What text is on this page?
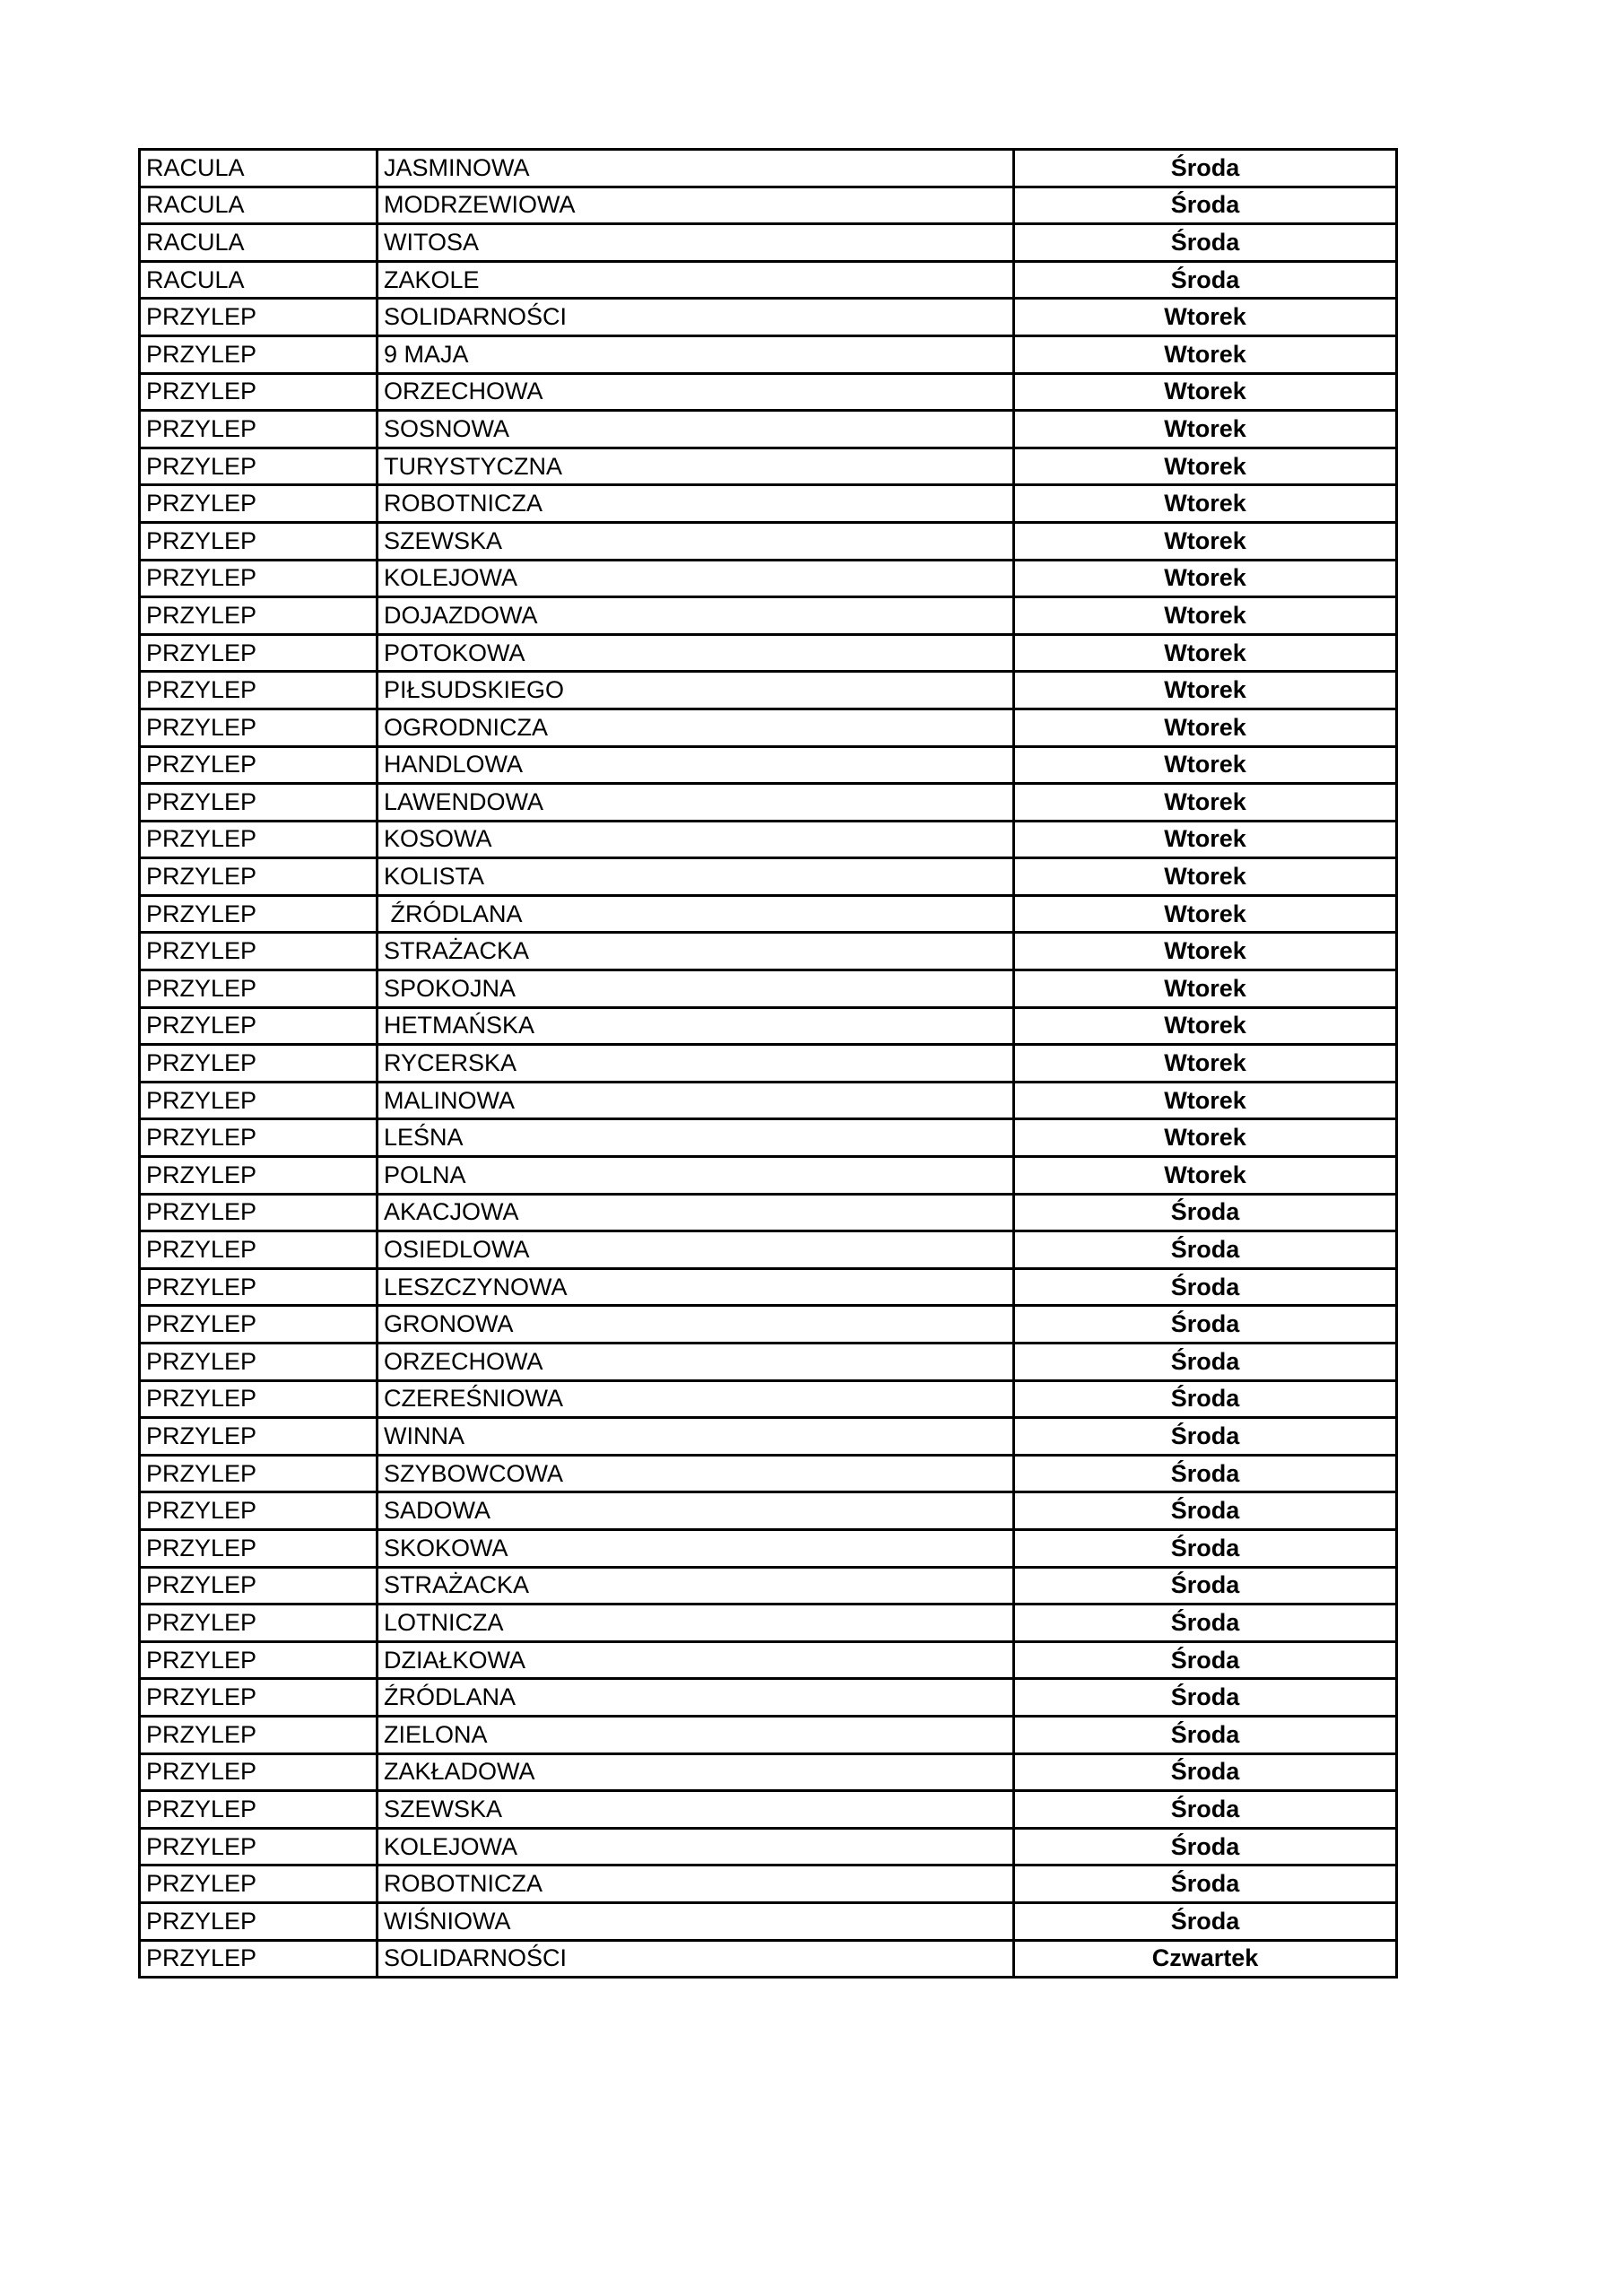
RACULA	JASMINOWA	Środa
RACULA	MODRZEWIOWA	Środa
RACULA	WITOSA	Środa
RACULA	ZAKOLE	Środa
PRZYLEP	SOLIDARNOŚCI	Wtorek
PRZYLEP	9 MAJA	Wtorek
PRZYLEP	ORZECHOWA	Wtorek
PRZYLEP	SOSNOWA	Wtorek
PRZYLEP	TURYSTYCZNA	Wtorek
PRZYLEP	ROBOTNICZA	Wtorek
PRZYLEP	SZEWSKA	Wtorek
PRZYLEP	KOLEJOWA	Wtorek
PRZYLEP	DOJAZDOWA	Wtorek
PRZYLEP	POTOKOWA	Wtorek
PRZYLEP	PIŁSUDSKIEGO	Wtorek
PRZYLEP	OGRODNICZA	Wtorek
PRZYLEP	HANDLOWA	Wtorek
PRZYLEP	LAWENDOWA	Wtorek
PRZYLEP	KOSOWA	Wtorek
PRZYLEP	KOLISTA	Wtorek
PRZYLEP	ŹRÓDLANA	Wtorek
PRZYLEP	STRAŻACKA	Wtorek
PRZYLEP	SPOKOJNA	Wtorek
PRZYLEP	HETMAŃSKA	Wtorek
PRZYLEP	RYCERSKA	Wtorek
PRZYLEP	MALINOWA	Wtorek
PRZYLEP	LEŚNA	Wtorek
PRZYLEP	POLNA	Wtorek
PRZYLEP	AKACJOWA	Środa
PRZYLEP	OSIEDLOWA	Środa
PRZYLEP	LESZCZYNOWA	Środa
PRZYLEP	GRONOWA	Środa
PRZYLEP	ORZECHOWA	Środa
PRZYLEP	CZEREŚNIOWA	Środa
PRZYLEP	WINNA	Środa
PRZYLEP	SZYBOWCOWA	Środa
PRZYLEP	SADOWA	Środa
PRZYLEP	SKOKOWA	Środa
PRZYLEP	STRAŻACKA	Środa
PRZYLEP	LOTNICZA	Środa
PRZYLEP	DZIAŁKOWA	Środa
PRZYLEP	ŹRÓDLANA	Środa
PRZYLEP	ZIELONA	Środa
PRZYLEP	ZAKŁADOWA	Środa
PRZYLEP	SZEWSKA	Środa
PRZYLEP	KOLEJOWA	Środa
PRZYLEP	ROBOTNICZA	Środa
PRZYLEP	WIŚNIOWA	Środa
PRZYLEP	SOLIDARNOŚCI	Czwartek
